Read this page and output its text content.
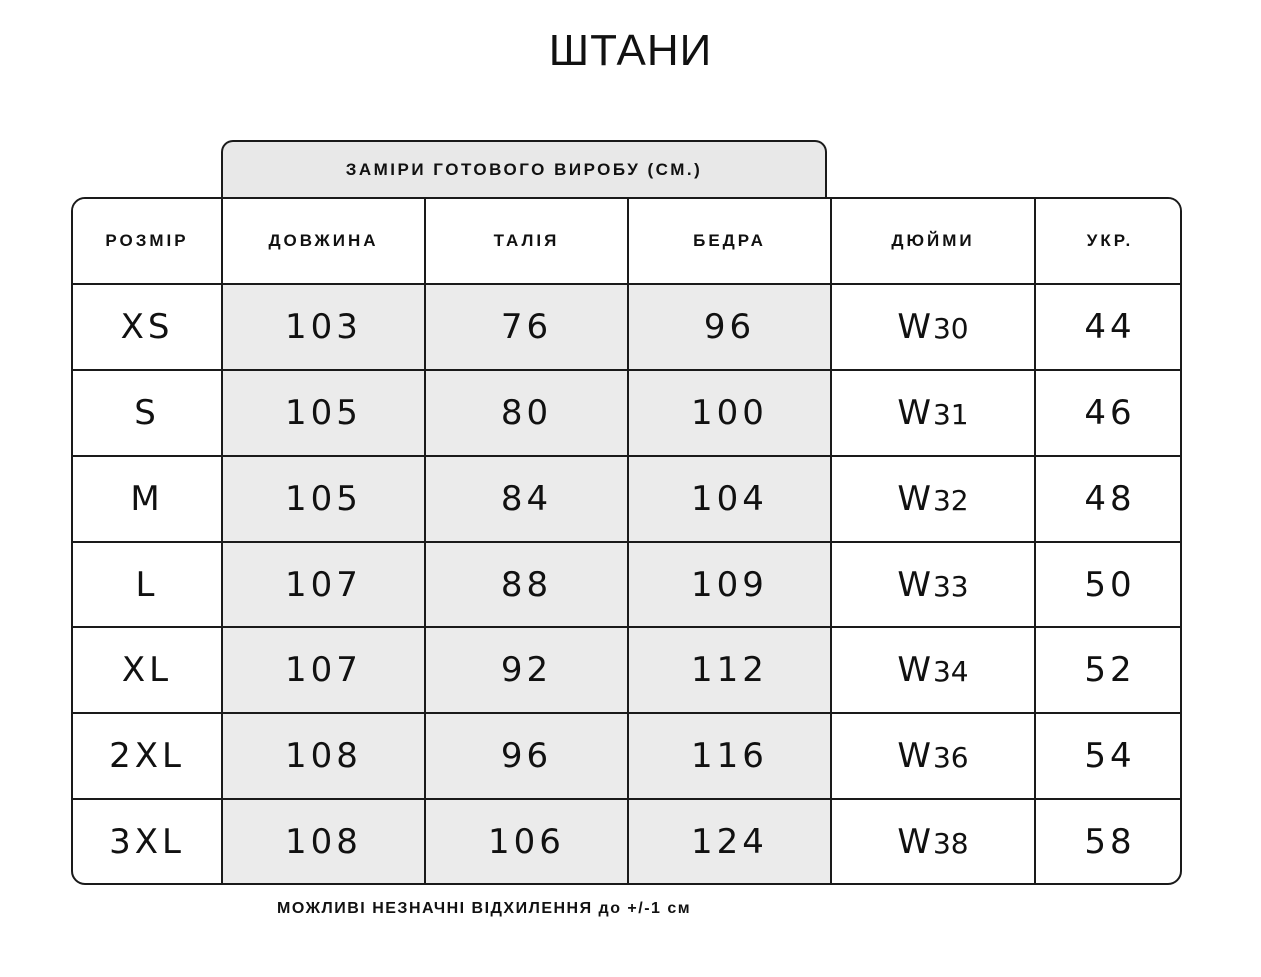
ШТАНИ
ЗАМІРИ ГОТОВОГО ВИРОБУ (СМ.)
РОЗМІР	ДОВЖИНА	ТАЛІЯ	БЕДРА	ДЮЙМИ	УКР.
XS	103	76	96	W30	44
S	105	80	100	W31	46
M	105	84	104	W32	48
L	107	88	109	W33	50
XL	107	92	112	W34	52
2XL	108	96	116	W36	54
3XL	108	106	124	W38	58
МОЖЛИВІ НЕЗНАЧНІ ВІДХИЛЕННЯ до +/-1 см
